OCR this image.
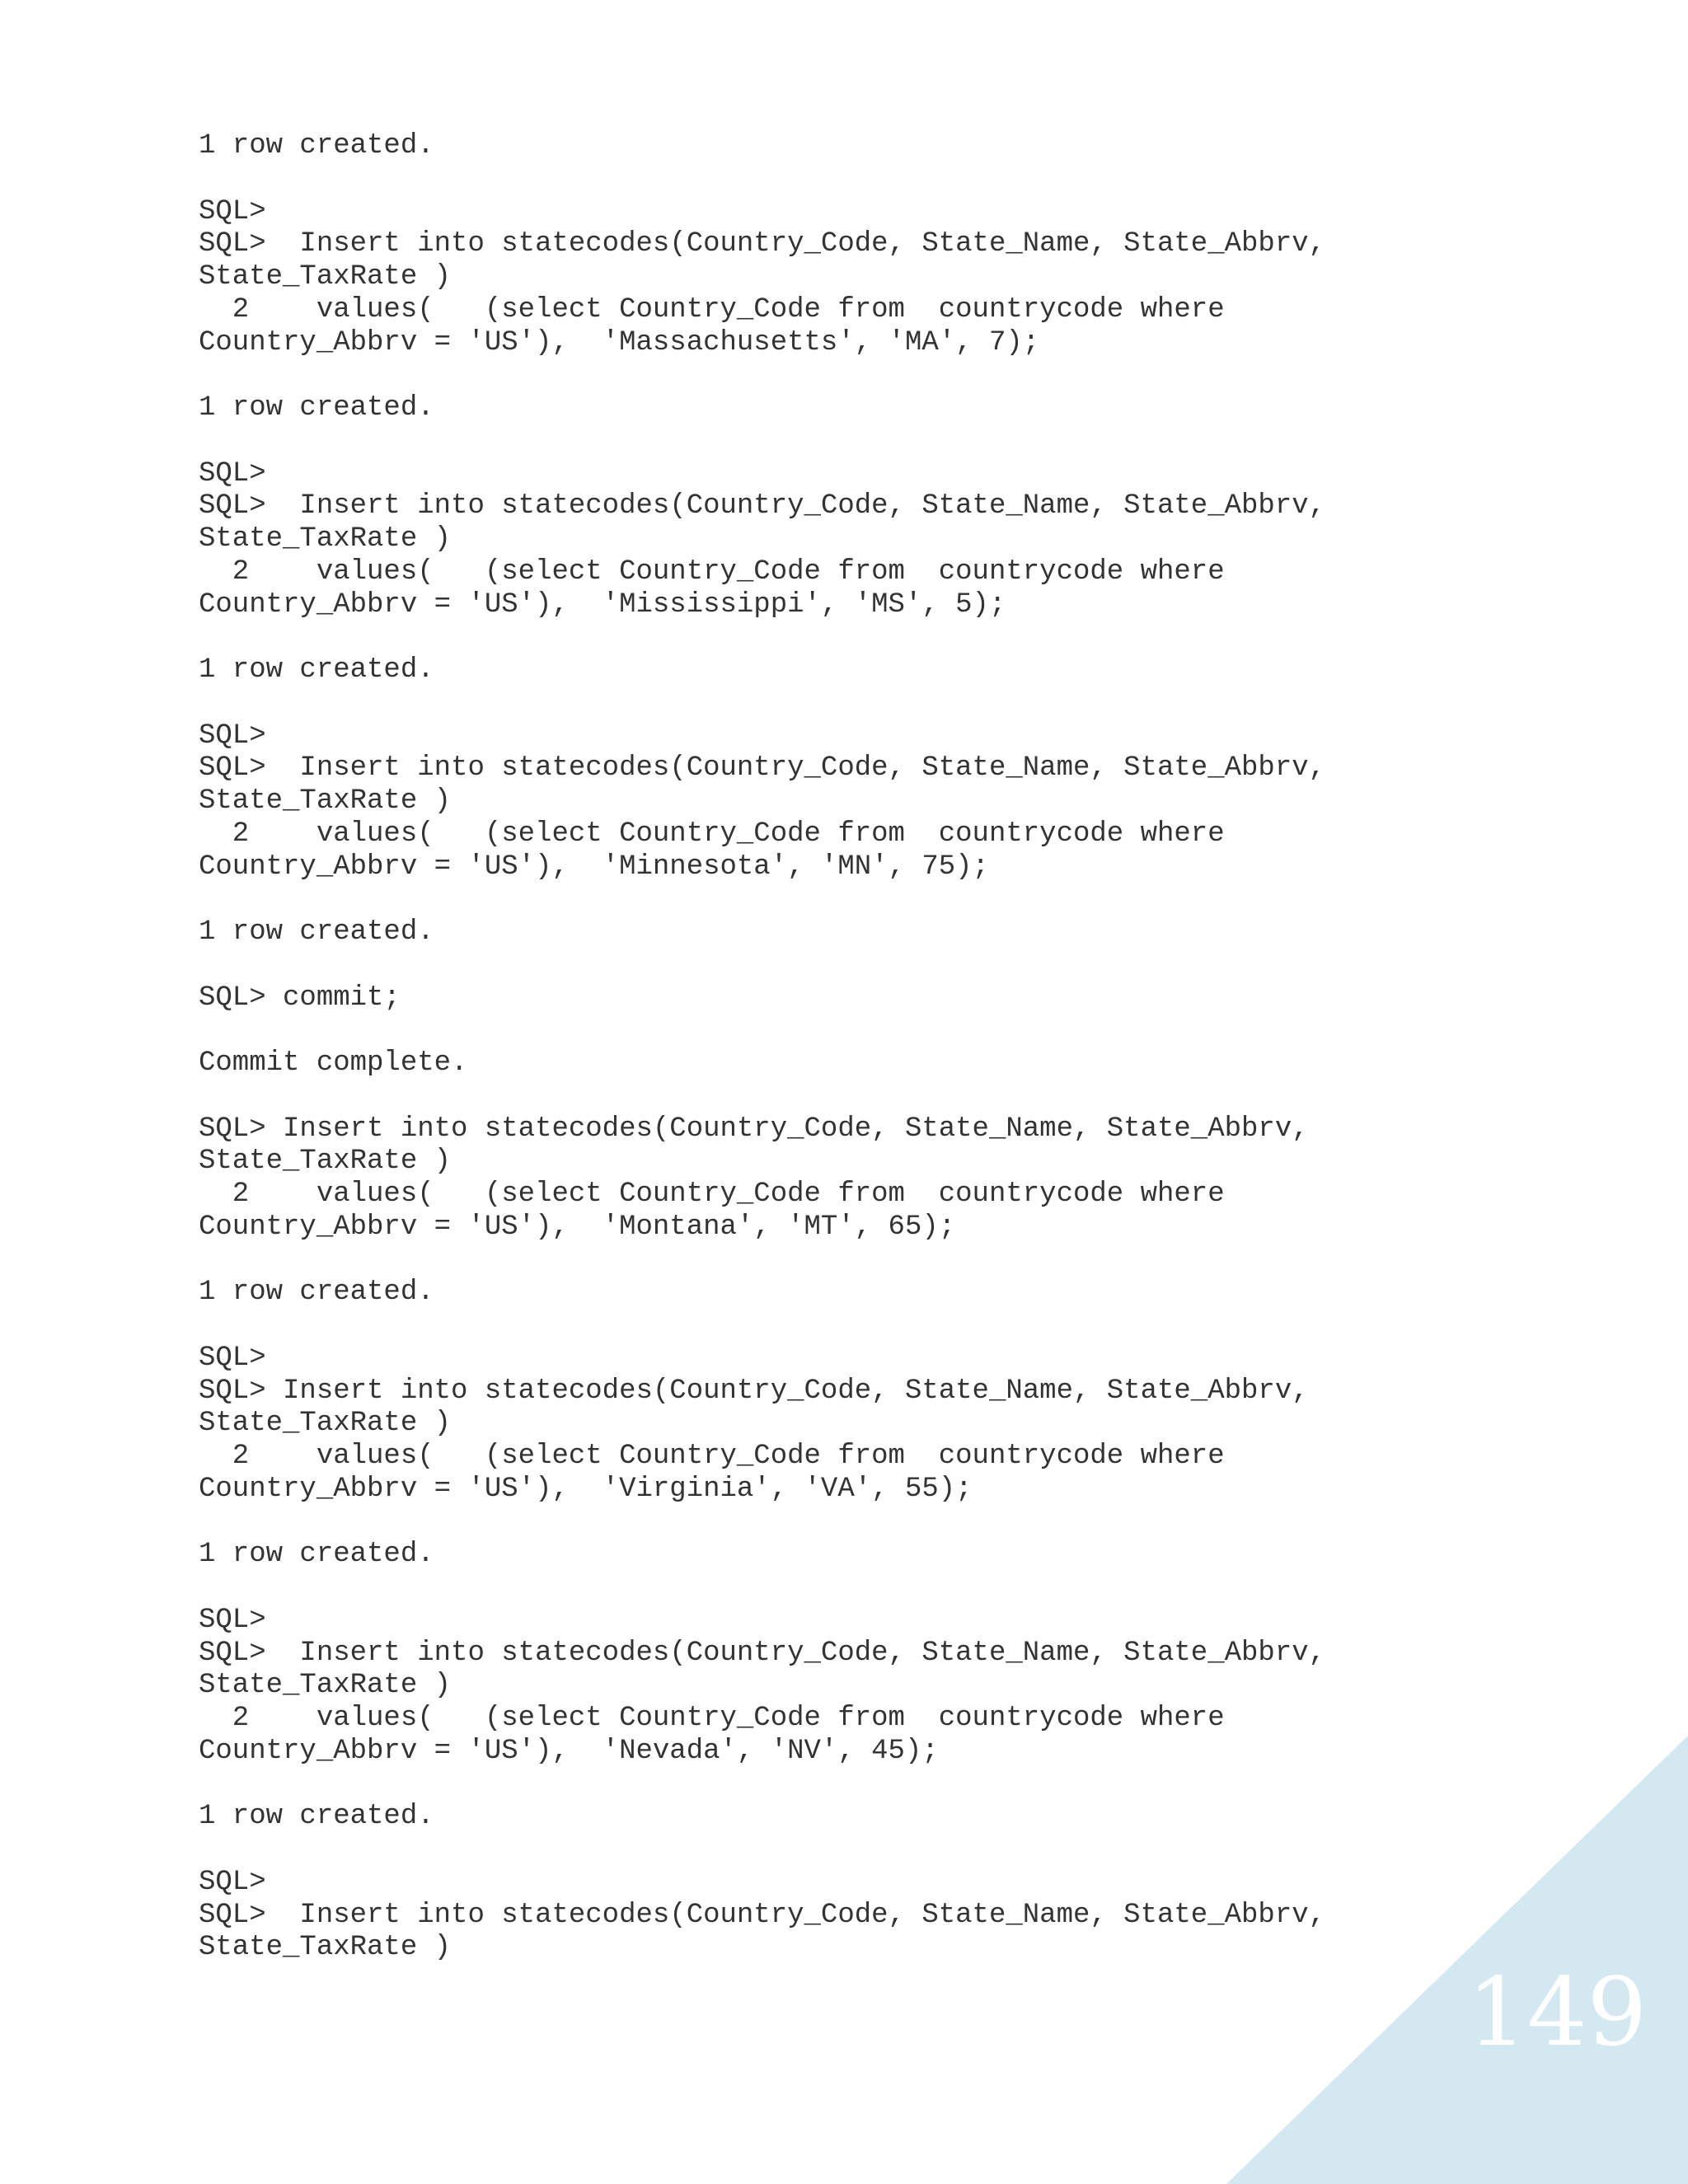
1 row created.
SQL>
SQL>  Insert into statecodes(Country_Code, State_Name, State_Abbrv,
State_TaxRate )
2    values(   (select Country_Code from  countrycode where
Country_Abbrv = 'US'),  'Massachusetts', 'MA', 7);
1 row created.
SQL>
SQL>  Insert into statecodes(Country_Code, State_Name, State_Abbrv,
State_TaxRate )
2    values(   (select Country_Code from  countrycode where
Country_Abbrv = 'US'),  'Mississippi', 'MS', 5);
1 row created.
SQL>
SQL>  Insert into statecodes(Country_Code, State_Name, State_Abbrv,
State_TaxRate )
2    values(   (select Country_Code from  countrycode where
Country_Abbrv = 'US'),  'Minnesota', 'MN', 75);
1 row created.
SQL> commit;
Commit complete.
SQL> Insert into statecodes(Country_Code, State_Name, State_Abbrv,
State_TaxRate )
2    values(   (select Country_Code from  countrycode where
Country_Abbrv = 'US'),  'Montana', 'MT', 65);
1 row created.
SQL>
SQL> Insert into statecodes(Country_Code, State_Name, State_Abbrv,
State_TaxRate )
2    values(   (select Country_Code from  countrycode where
Country_Abbrv = 'US'),  'Virginia', 'VA', 55);
1 row created.
SQL>
SQL>  Insert into statecodes(Country_Code, State_Name, State_Abbrv,
State_TaxRate )
2    values(   (select Country_Code from  countrycode where
Country_Abbrv = 'US'),  'Nevada', 'NV', 45);
1 row created.
SQL>
SQL>  Insert into statecodes(Country_Code, State_Name, State_Abbrv,
State_TaxRate )
149
